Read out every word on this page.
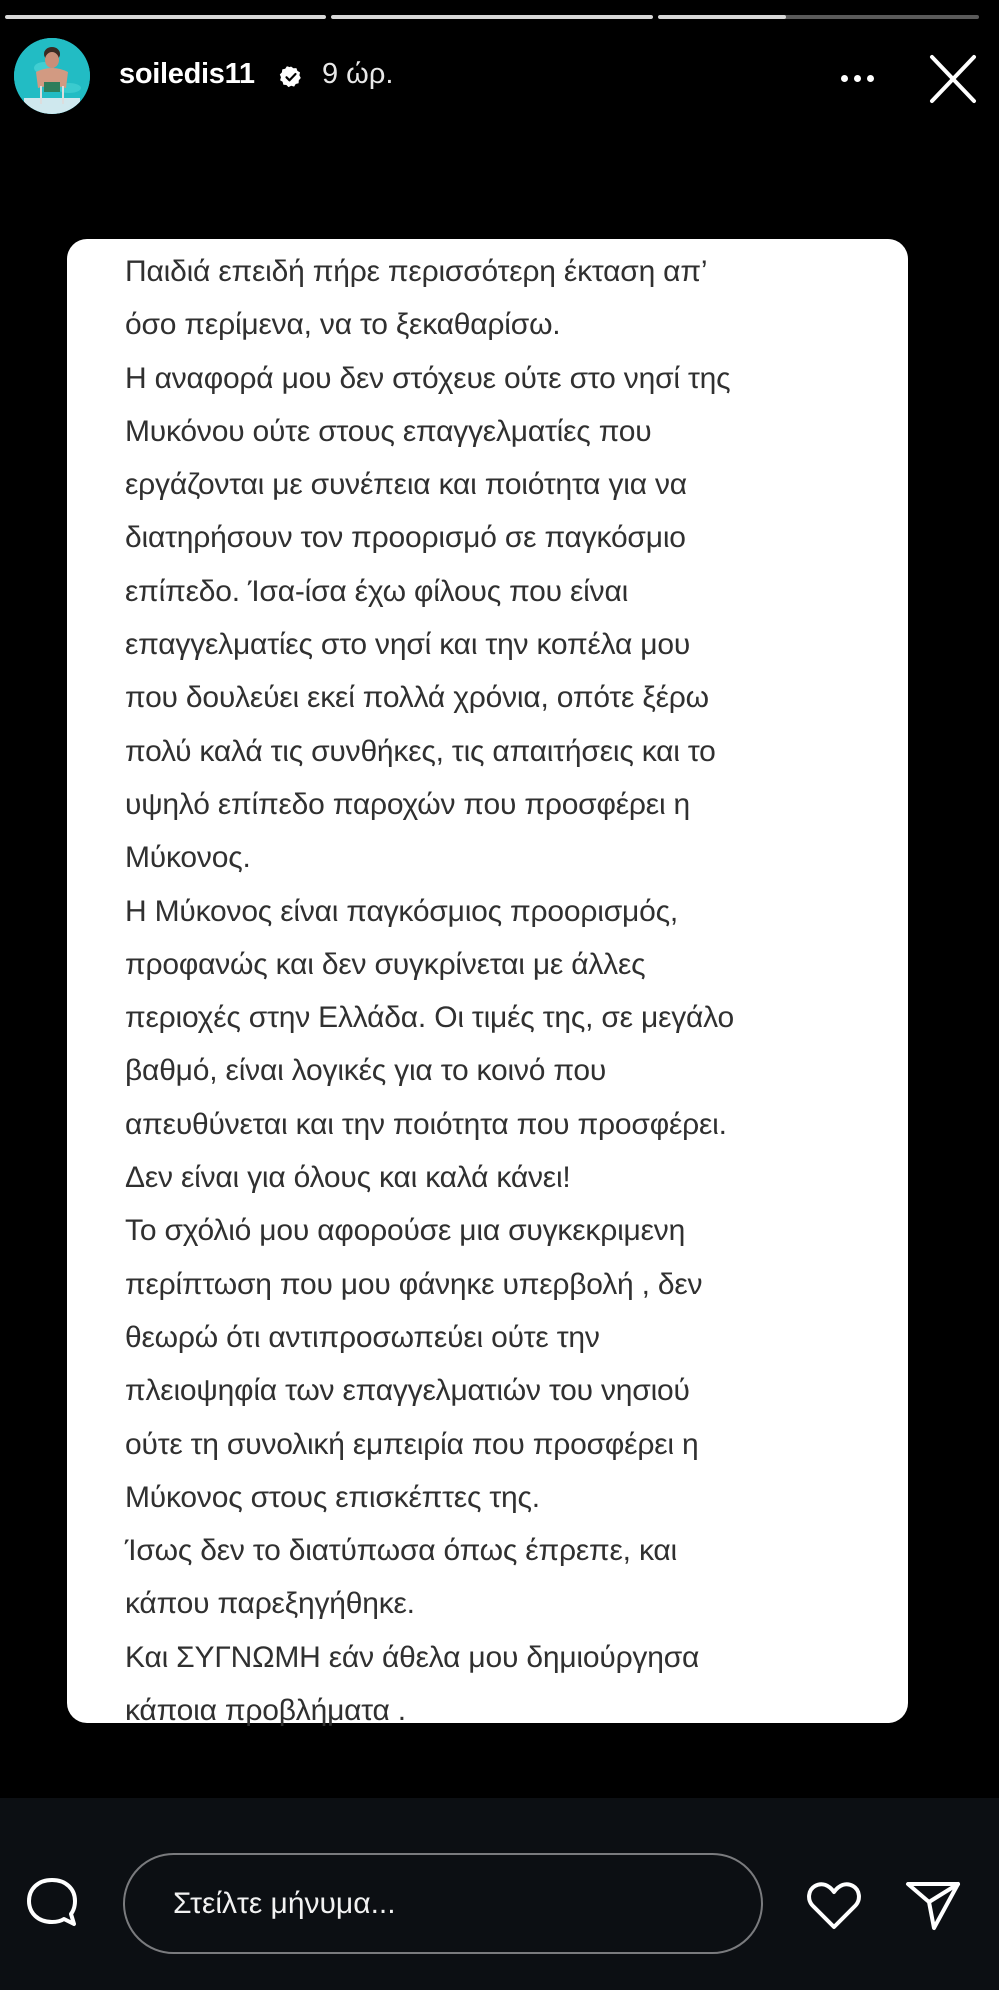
soiledis11 9 ώρ.
Παιδιά επειδή πήρε περισσότερη έκταση απ’
όσο περίμενα, να το ξεκαθαρίσω.
Η αναφορά μου δεν στόχευε ούτε στο νησί της
Μυκόνου ούτε στους επαγγελματίες που
εργάζονται με συνέπεια και ποιότητα για να
διατηρήσουν τον προορισμό σε παγκόσμιο
επίπεδο. Ίσα-ίσα έχω φίλους που είναι
επαγγελματίες στο νησί και την κοπέλα μου
που δουλεύει εκεί πολλά χρόνια, οπότε ξέρω
πολύ καλά τις συνθήκες, τις απαιτήσεις και το
υψηλό επίπεδο παροχών που προσφέρει η
Μύκονος.
Η Μύκονος είναι παγκόσμιος προορισμός,
προφανώς και δεν συγκρίνεται με άλλες
περιοχές στην Ελλάδα. Οι τιμές της, σε μεγάλο
βαθμό, είναι λογικές για το κοινό που
απευθύνεται και την ποιότητα που προσφέρει.
Δεν είναι για όλους και καλά κάνει!
Το σχόλιό μου αφορούσε μια συγκεκριμενη
περίπτωση που μου φάνηκε υπερβολή , δεν
θεωρώ ότι αντιπροσωπεύει ούτε την
πλειοψηφία των επαγγελματιών του νησιού
ούτε τη συνολική εμπειρία που προσφέρει η
Μύκονος στους επισκέπτες της.
Ίσως δεν το διατύπωσα όπως έπρεπε, και
κάπου παρεξηγήθηκε.
Και ΣΥΓΝΩΜΗ εάν άθελα μου δημιούργησα
κάποια προβλήματα .
Στείλτε μήνυμα...
